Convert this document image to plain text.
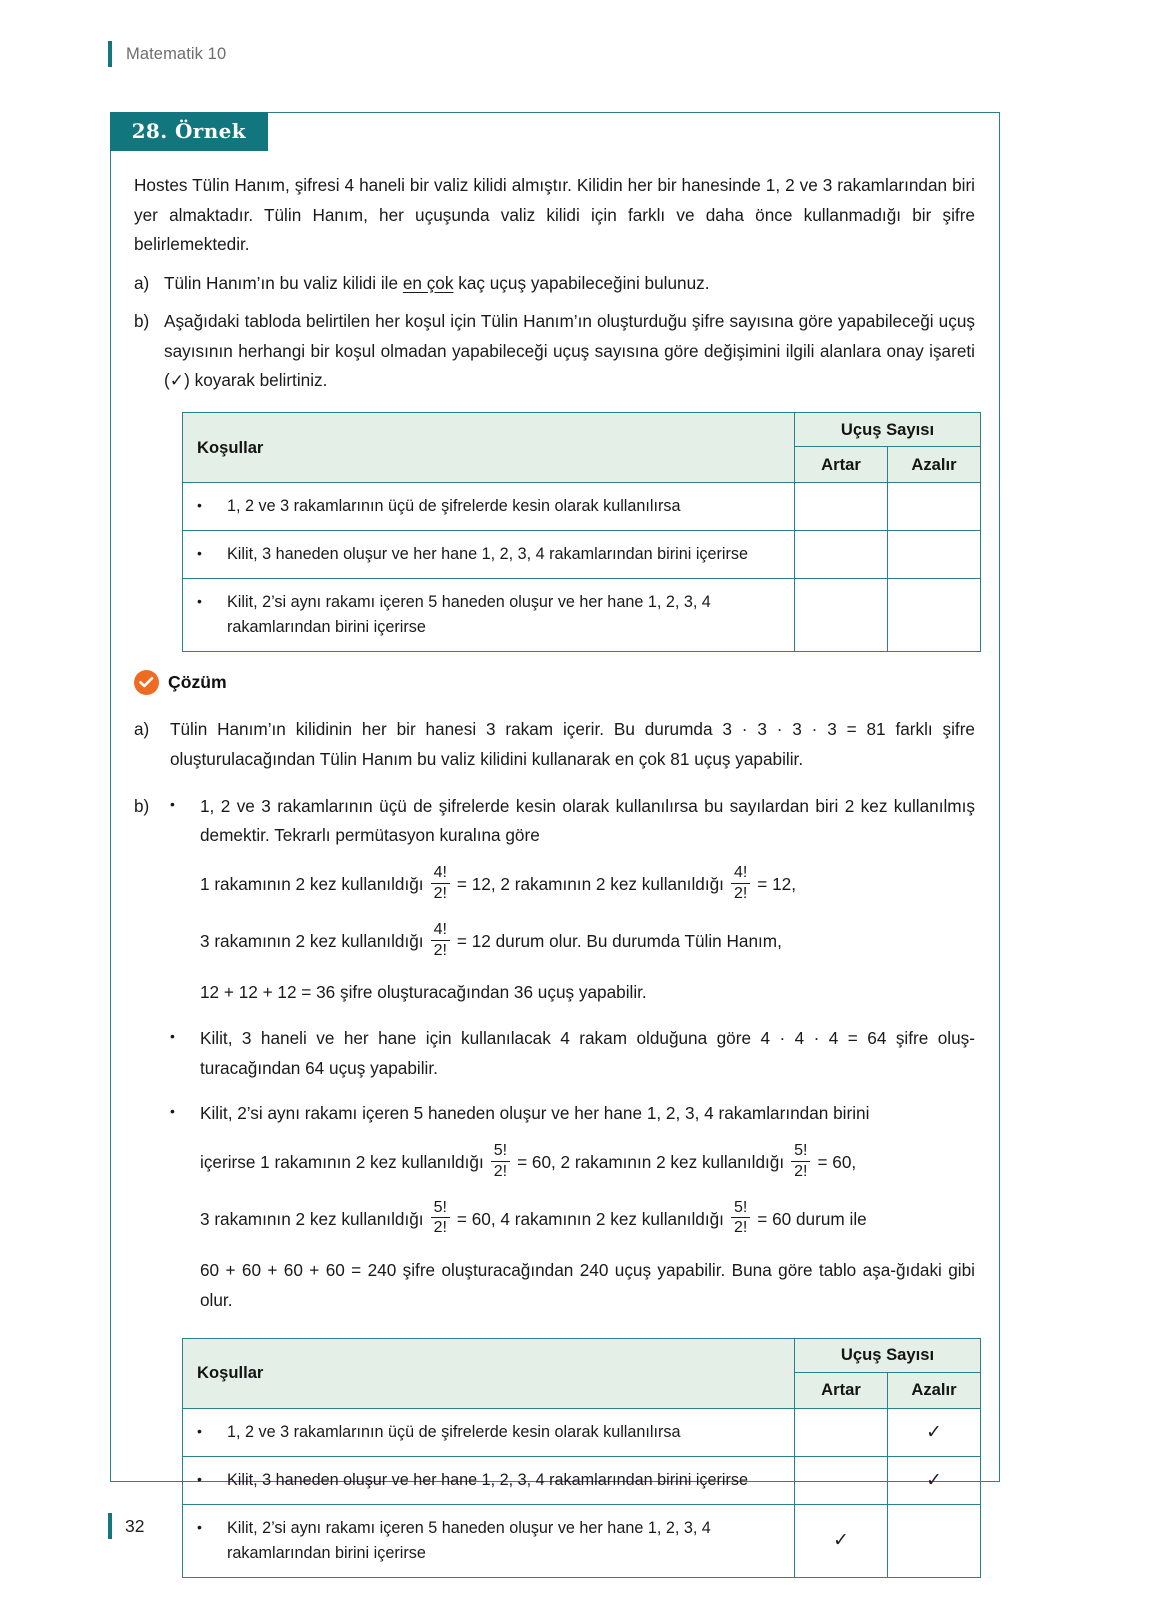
Matematik 10
28. Örnek

Hostes Tülin Hanım, şifresi 4 haneli bir valiz kilidi almıştır. Kilidin her bir hanesinde 1, 2 ve 3 rakamlarından biri yer almaktadır. Tülin Hanım, her uçuşunda valiz kilidi için farklı ve daha önce kullanmadığı bir şifre belirlemektedir.

a) Tülin Hanım’ın bu valiz kilidi ile en çok kaç uçuş yapabileceğini bulunuz.
b) Aşağıdaki tabloda belirtilen her koşul için Tülin Hanım’ın oluşturduğu şifre sayısına göre yapabileceği uçuş sayısının herhangi bir koşul olmadan yapabileceği uçuş sayısına göre değişimini ilgili alanlara onay işareti (✓) koyarak belirtiniz.
Koşullar	Uçuş Sayısı	
	Artar	Azalır

• 1, 2 ve 3 rakamlarının üçü de şifrelerde kesin olarak kullanılırsa		

• Kilit, 3 haneden oluşur ve her hane 1, 2, 3, 4 rakamlarından birini içerirse		

• Kilit, 2’si aynı rakamı içeren 5 haneden oluşur ve her hane 1, 2, 3, 4 rakamlarından birini içerirse		

Çözüm
a)	Tülin Hanım’ın kilidinin her bir hanesi 3 rakam içerir. Bu durumda 3 · 3 · 3 · 3 = 81 farklı şifre oluşturulacağından Tülin Hanım bu valiz kilidini kullanarak en çok 81 uçuş yapabilir.
b)	•	1, 2 ve 3 rakamlarının üçü de şifrelerde kesin olarak kullanılırsa bu sayılardan biri 2 kez kullanılmış demektir. Tekrarlı permütasyon kuralına göre
1 rakamının 2 kez kullanıldığı $\frac{4!}{2!} = 12$, 2 rakamının 2 kez kullanıldığı $\frac{4!}{2!} = 12$,
3 rakamının 2 kez kullanıldığı $\frac{4!}{2!} = 12$ durum olur. Bu durumda Tülin Hanım,
12 + 12 + 12 = 36 şifre oluşturacağından 36 uçuş yapabilir.
•	Kilit, 3 haneli ve her hane için kullanılacak 4 rakam olduğuna göre 4 · 4 · 4 = 64 şifre oluş-turacağından 64 uçuş yapabilir.
•	Kilit, 2’si aynı rakamı içeren 5 haneden oluşur ve her hane 1, 2, 3, 4 rakamlarından birini
içerirse 1 rakamının 2 kez kullanıldığı $\frac{5!}{2!} = 60$, 2 rakamının 2 kez kullanıldığı $\frac{5!}{2!} = 60$,
3 rakamının 2 kez kullanıldığı $\frac{5!}{2!} = 60$, 4 rakamının 2 kez kullanıldığı $\frac{5!}{2!} = 60$ durum ile
60 + 60 + 60 + 60 = 240 şifre oluşturacağından 240 uçuş yapabilir. Buna göre tablo aşa-ğıdaki gibi olur.
Koşullar	Uçuş Sayısı	
	Artar	Azalır

• 1, 2 ve 3 rakamlarının üçü de şifrelerde kesin olarak kullanılırsa		✓

• Kilit, 3 haneden oluşur ve her hane 1, 2, 3, 4 rakamlarından birini içerirse		✓

• Kilit, 2’si aynı rakamı içeren 5 haneden oluşur ve her hane 1, 2, 3, 4 rakamlarından birini içerirse	✓	
32
